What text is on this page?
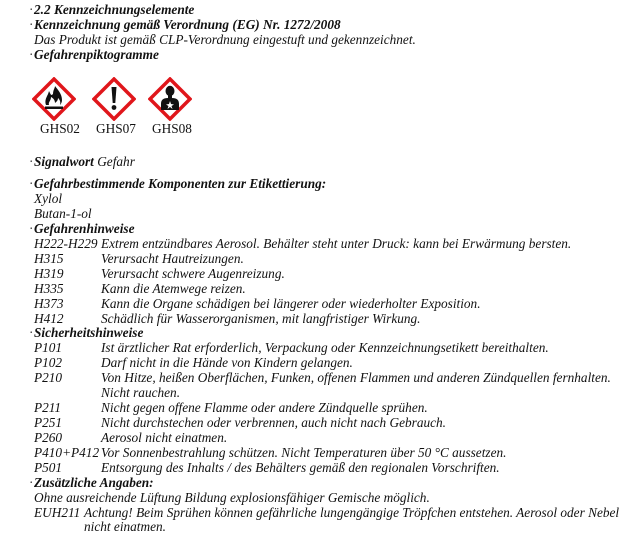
· 2.2 Kennzeichnungselemente
· Kennzeichnung gemäß Verordnung (EG) Nr. 1272/2008
Das Produkt ist gemäß CLP-Verordnung eingestuft und gekennzeichnet.
· Gefahrenpiktogramme
GHS02 GHS07 GHS08
· Signalwort Gefahr
· Gefahrbestimmende Komponenten zur Etikettierung:
Xylol
Butan-1-ol
· Gefahrenhinweise
H222-H229 Extrem entzündbares Aerosol. Behälter steht unter Druck: kann bei Erwärmung bersten.
H315	Verursacht Hautreizungen.
H319	Verursacht schwere Augenreizung.
H335	Kann die Atemwege reizen.
H373	Kann die Organe schädigen bei längerer oder wiederholter Exposition.
H412	Schädlich für Wasserorganismen, mit langfristiger Wirkung.
· Sicherheitshinweise
P101	Ist ärztlicher Rat erforderlich, Verpackung oder Kennzeichnungsetikett bereithalten.
P102	Darf nicht in die Hände von Kindern gelangen.
P210	Von Hitze, heißen Oberflächen, Funken, offenen Flammen und anderen Zündquellen fernhalten.
Nicht rauchen.
P211	Nicht gegen offene Flamme oder andere Zündquelle sprühen.
P251	Nicht durchstechen oder verbrennen, auch nicht nach Gebrauch.
P260	Aerosol nicht einatmen.
P410+P412 Vor Sonnenbestrahlung schützen. Nicht Temperaturen über 50 °C aussetzen.
P501	Entsorgung des Inhalts / des Behälters gemäß den regionalen Vorschriften.
· Zusätzliche Angaben:
Ohne ausreichende Lüftung Bildung explosionsfähiger Gemische möglich.
EUH211 Achtung! Beim Sprühen können gefährliche lungengängige Tröpfchen entstehen. Aerosol oder Nebel
nicht einatmen.
